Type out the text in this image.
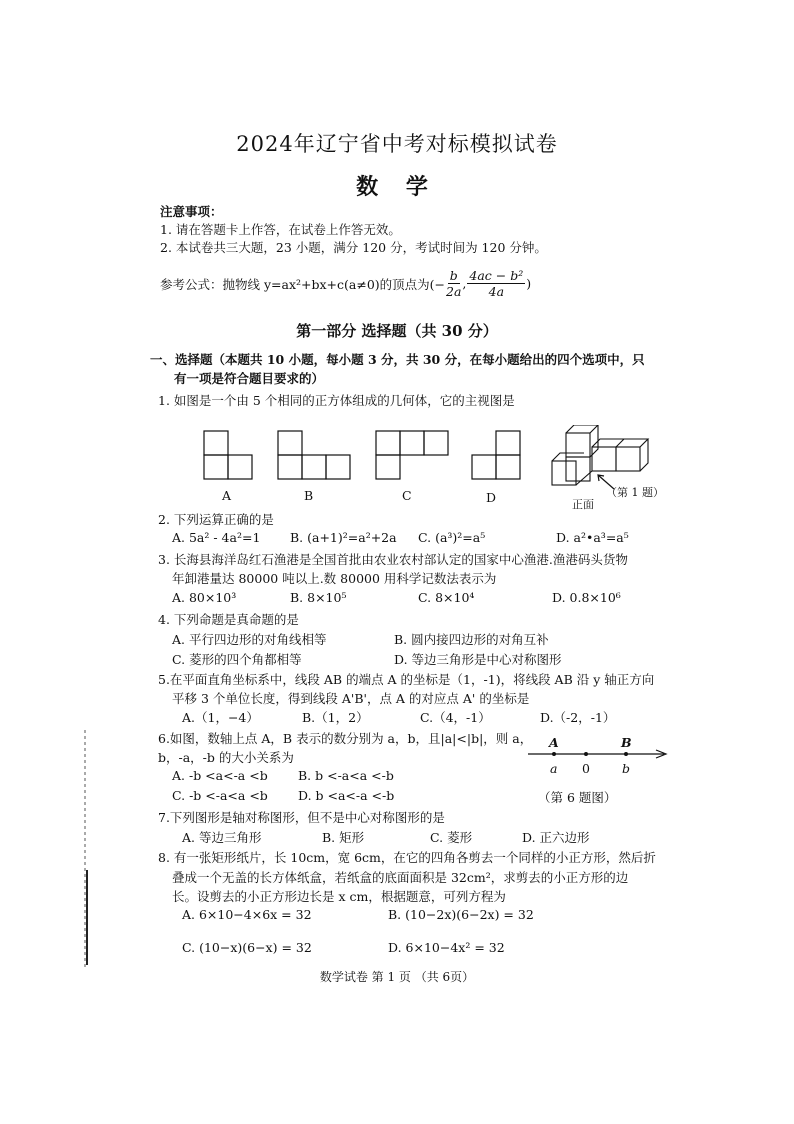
2024年辽宁省中考对标模拟试卷
数 学
注意事项：
1. 请在答题卡上作答，在试卷上作答无效。
2. 本试卷共三大题，23 小题，满分 120 分，考试时间为 120 分钟。
参考公式：抛物线 y=ax²+bx+c(a≠0)的顶点为(− $\frac{b}{2a}$ , $\frac{\text{4ac − b²}}{4a}$ )
第一部分 选择题（共 30 分）
一、选择题（本题共 10 小题，每小题 3 分，共 30 分，在每小题给出的四个选项中，只
有一项是符合题目要求的）
1. 如图是一个由 5 个相同的正方体组成的几何体，它的主视图是
A	B	C	D	正面
（第 1 题）
2. 下列运算正确的是
A. 5a² - 4a²=1 B. (a+1)²=a²+2a C. (a³)²=a⁵	D. a²•a³=a⁵
3. 长海县海洋岛红石渔港是全国首批由农业农村部认定的国家中心渔港.渔港码头货物
年卸港量达 80000 吨以上.数 80000 用科学记数法表示为
A. 80×10³	B. 8×10⁵	C. 8×10⁴	D. 0.8×10⁶
4. 下列命题是真命题的是
A. 平行四边形的对角线相等	B. 圆内接四边形的对角互补
C. 菱形的四个角都相等	D. 等边三角形是中心对称图形
5.在平面直角坐标系中，线段 AB 的端点 A 的坐标是（1，-1)，将线段 AB 沿 y 轴正方向
平移 3 个单位长度，得到线段 A'B'，点 A 的对应点 A' 的坐标是
A.（1，−4）	B.（1，2）	C.（4，-1）	D.（-2，-1）
6.如图，数轴上点 A，B 表示的数分别为 a，b，且|a|<|b|，则 a，
b，-a，-b 的大小关系为
A. -b <a<-a <b B. b <-a<a <-b
C. -b <-a<a <b D. b <a<-a <-b
A	B
a 0	b
（第 6 题图）
7.下列图形是轴对称图形，但不是中心对称图形的是
A. 等边三角形	B. 矩形	C. 菱形	D. 正六边形
8. 有一张矩形纸片，长 10cm，宽 6cm，在它的四角各剪去一个同样的小正方形，然后折
叠成一个无盖的长方体纸盒，若纸盒的底面面积是 32cm²，求剪去的小正方形的边
长。设剪去的小正方形边长是 x cm，根据题意，可列方程为
A. 6×10−4×6x = 32	B. (10−2x)(6−2x) = 32
C. (10−x)(6−x) = 32	D. 6×10−4x² = 32
数学试卷 第 1 页 （共 6页）
